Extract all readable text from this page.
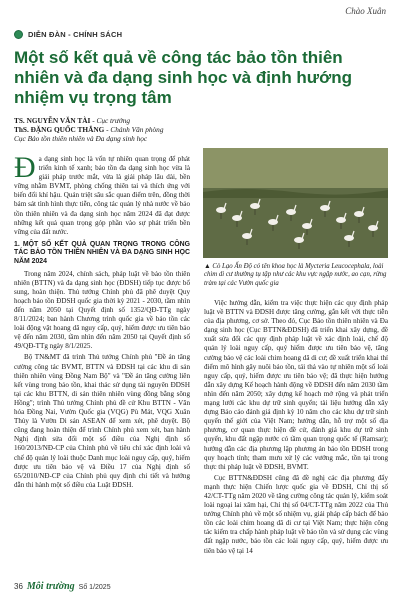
Chào Xuân
DIỄN ĐÀN - CHÍNH SÁCH
Một số kết quả về công tác bảo tồn thiên nhiên và đa dạng sinh học và định hướng nhiệm vụ trọng tâm
TS. NGUYỄN VĂN TÀI - Cục trưởng
ThS. ĐẶNG QUỐC THẮNG - Chánh Văn phòng
Cục Bảo tồn thiên nhiên và Đa dạng sinh học

Đa dạng sinh học là vốn tự nhiên quan trọng để phát triển kinh tế xanh; bảo tồn đa dạng sinh học vừa là giải pháp trước mắt, vừa là giải pháp lâu dài, bền vững nhằm BVMT, phòng chống thiên tai và thích ứng với biến đổi khí hậu. Quán triệt sâu sắc quan điểm trên, đồng thời bám sát tình hình thực tiễn, công tác quản lý nhà nước về bảo tồn thiên nhiên và đa dạng sinh học năm 2024 đã đạt được những kết quả quan trọng góp phần vào sự phát triển bền vững của đất nước.

1. MỘT SỐ KẾT QUẢ QUAN TRỌNG TRONG CÔNG TÁC BẢO TỒN THIÊN NHIÊN VÀ ĐA DẠNG SINH HỌC NĂM 2024

Trong năm 2024, chính sách, pháp luật về bảo tồn thiên nhiên (BTTN) và đa dạng sinh học (ĐDSH) tiếp tục được bổ sung, hoàn thiện. Thủ tướng Chính phủ đã phê duyệt Quy hoạch bảo tồn ĐDSH quốc gia thời kỳ 2021 - 2030, tầm nhìn đến năm 2050 tại Quyết định số 1352/QĐ-TTg ngày 8/11/2024; ban hành Chương trình quốc gia về bảo tồn các loài động vật hoang dã nguy cấp, quý, hiếm được ưu tiên bảo vệ đến năm 2030, tầm nhìn đến năm 2050 tại Quyết định số 49/QĐ-TTg ngày 8/1/2025.

Bộ TN&MT đã trình Thủ tướng Chính phủ "Đề án tăng cường công tác BVMT, BTTN và ĐDSH tại các khu di sản thiên nhiên vùng Đồng Nam Bộ" và "Đề án tăng cường liên kết vùng trong bảo tồn, khai thác sử dụng tài nguyên ĐDSH tại các khu BTTN, di sản thiên nhiên vùng đồng bằng sông Hồng"; trình Thủ tướng Chính phủ đề cử Khu BTTN - Văn hóa Đồng Nai, Vườn Quốc gia (VQG) Pù Mát, VQG Xuân Thủy là Vườn Di sản ASEAN để xem xét, phê duyệt. Bộ cũng đang hoàn thiện để trình Chính phủ xem xét, ban hành Nghị định sửa đổi một số điều của Nghị định số 160/2013/NĐ-CP của Chính phủ về tiêu chí xác định loài và chế độ quản lý loài thuộc Danh mục loài nguy cấp, quý, hiếm được ưu tiên bảo vệ và Điều 17 của Nghị định số 65/2010/NĐ-CP của Chính phủ quy định chi tiết và hướng dẫn thi hành một số điều của Luật ĐDSH.

▲ Cò Lạo Ấn Độ có tên khoa học là Mycteria Leucocephala, loài chim di cư thường tụ tập như các khu vực ngập nước, ao cạn, rừng tràm tại các Vườn quốc gia

Việc hướng dẫn, kiểm tra việc thực hiện các quy định pháp luật về BTTN và ĐDSH được tăng cường, gắn kết với thực tiễn của địa phương, cơ sở. Theo đó, Cục Bảo tồn thiên nhiên và Đa dạng sinh học (Cục BTTN&ĐDSH) đã triển khai xây dựng, đề xuất sửa đổi các quy định pháp luật về xác định loài, chế độ quản lý loài nguy cấp, quý hiếm được ưu tiên bảo vệ, tăng cường bảo vệ các loài chim hoang dã di cư; đề xuất triển khai thí điểm mô hình gây nuôi bảo tồn, tái thả vào tự nhiên một số loài nguy cấp, quý, hiếm được ưu tiên bảo vệ; đã thực hiện hướng dẫn xây dựng Kế hoạch hành động về ĐDSH đến năm 2030 tầm nhìn đến năm 2050; xây dựng kế hoạch mở rộng và phát triển mạng lưới các khu dự trữ sinh quyển; tài liệu hướng dẫn xây dựng Báo cáo đánh giá định kỳ 10 năm cho các khu dự trữ sinh quyển thế giới của Việt Nam; hướng dẫn, hỗ trợ một số địa phương, cơ quan thực hiện đề cử, đánh giá khu dự trữ sinh quyển, khu đất ngập nước có tầm quan trọng quốc tế (Ramsar); hướng dẫn các địa phương lập phương án bảo tồn ĐDSH trong quy hoạch tỉnh; tham mưu xử lý các vướng mắc, tồn tại trong thực thi pháp luật về ĐDSH, BVMT.

Cục BTTN&ĐDSH cũng đã đề nghị các địa phương đẩy mạnh thực hiện Chiến lược quốc gia về ĐDSH, Chỉ thị số 42/CT-TTg năm 2020 về tăng cường công tác quản lý, kiểm soát loài ngoại lai xâm hại, Chỉ thị số 04/CT-TTg năm 2022 của Thủ tướng Chính phủ về một số nhiệm vụ, giải pháp cấp bách để bảo tồn các loài chim hoang dã di cư tại Việt Nam; thực hiện công tác kiểm tra chấp hành pháp luật về bảo tồn và sử dụng các vùng đất ngập nước, bảo tồn các loài nguy cấp, quý, hiếm được ưu tiên bảo vệ tại 14

36 Môi trường Số 1/2025
